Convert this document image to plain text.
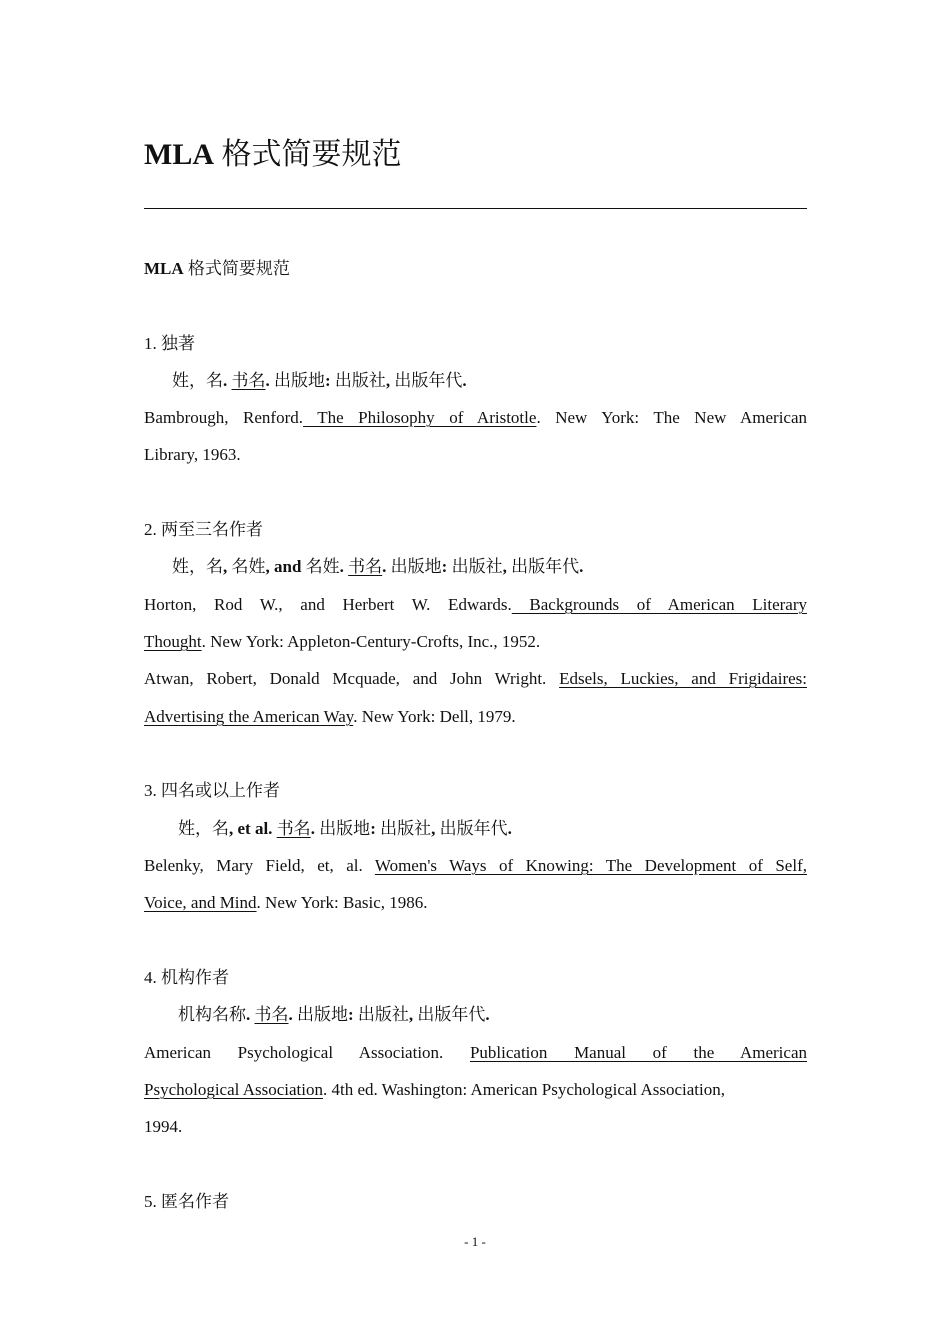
MLA 格式简要规范
MLA 格式简要规范
1. 独著
姓，名. 书名. 出版地: 出版社, 出版年代.
Bambrough, Renford. The Philosophy of Aristotle. New York: The New American
Library, 1963.
2. 两至三名作者
姓，名, 名姓, and 名姓. 书名. 出版地: 出版社, 出版年代.
Horton, Rod W., and Herbert W. Edwards. Backgrounds of American Literary
Thought. New York: Appleton-Century-Crofts, Inc., 1952.
Atwan, Robert, Donald Mcquade, and John Wright. Edsels, Luckies, and Frigidaires:
Advertising the American Way. New York: Dell, 1979.
3. 四名或以上作者
姓，名, et al. 书名. 出版地: 出版社, 出版年代.
Belenky, Mary Field, et, al. Women's Ways of Knowing: The Development of Self,
Voice, and Mind. New York: Basic, 1986.
4. 机构作者
机构名称. 书名. 出版地: 出版社, 出版年代.
American Psychological Association. Publication Manual of the American
Psychological Association. 4th ed. Washington: American Psychological Association,
1994.
5. 匿名作者
- 1 -
